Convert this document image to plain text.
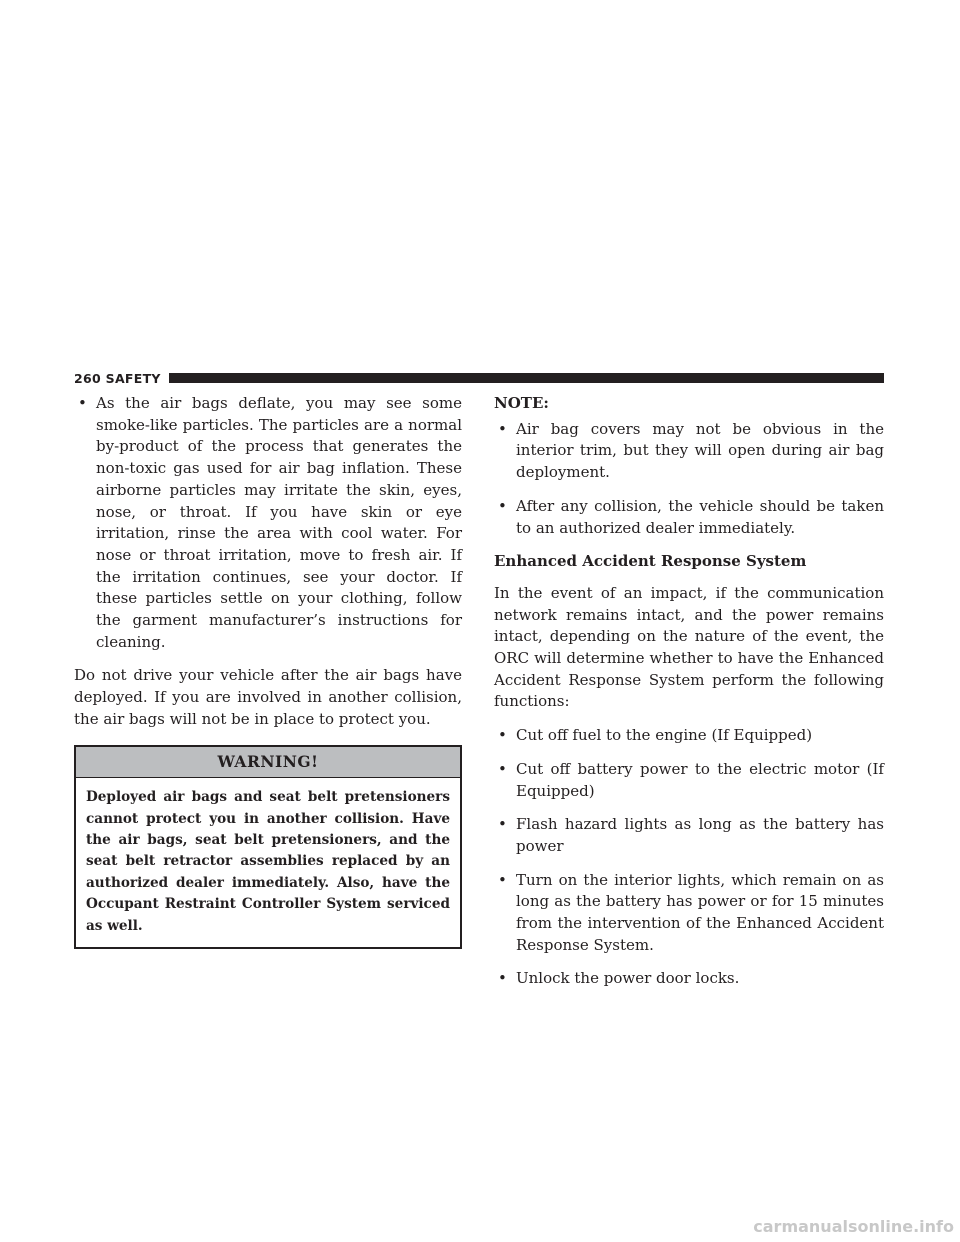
260 SAFETY
• As the air bags deflate, you may see some smoke-like particles. The particles are a normal by-product of the process that generates the non-toxic gas used for air bag inflation. These airborne particles may irritate the skin, eyes, nose, or throat. If you have skin or eye irritation, rinse the area with cool water. For nose or throat irritation, move to fresh air. If the irritation continues, see your doctor. If these particles settle on your clothing, follow the garment manufacturer’s instructions for cleaning.

Do not drive your vehicle after the air bags have deployed. If you are involved in another collision, the air bags will not be in place to protect you.

WARNING!
Deployed air bags and seat belt pretensioners cannot protect you in another collision. Have the air bags, seat belt pretensioners, and the seat belt retractor assemblies replaced by an authorized dealer immediately. Also, have the Occupant Restraint Controller System serviced as well.
NOTE:
• Air bag covers may not be obvious in the interior trim, but they will open during air bag deployment.
• After any collision, the vehicle should be taken to an authorized dealer immediately.
Enhanced Accident Response System

In the event of an impact, if the communication network remains intact, and the power remains intact, depending on the nature of the event, the ORC will determine whether to have the Enhanced Accident Response System perform the following functions:

• Cut off fuel to the engine (If Equipped)
• Cut off battery power to the electric motor (If Equipped)
• Flash hazard lights as long as the battery has power
• Turn on the interior lights, which remain on as long as the battery has power or for 15 minutes from the intervention of the Enhanced Accident Response System.
• Unlock the power door locks.
carmanualsonline.info
